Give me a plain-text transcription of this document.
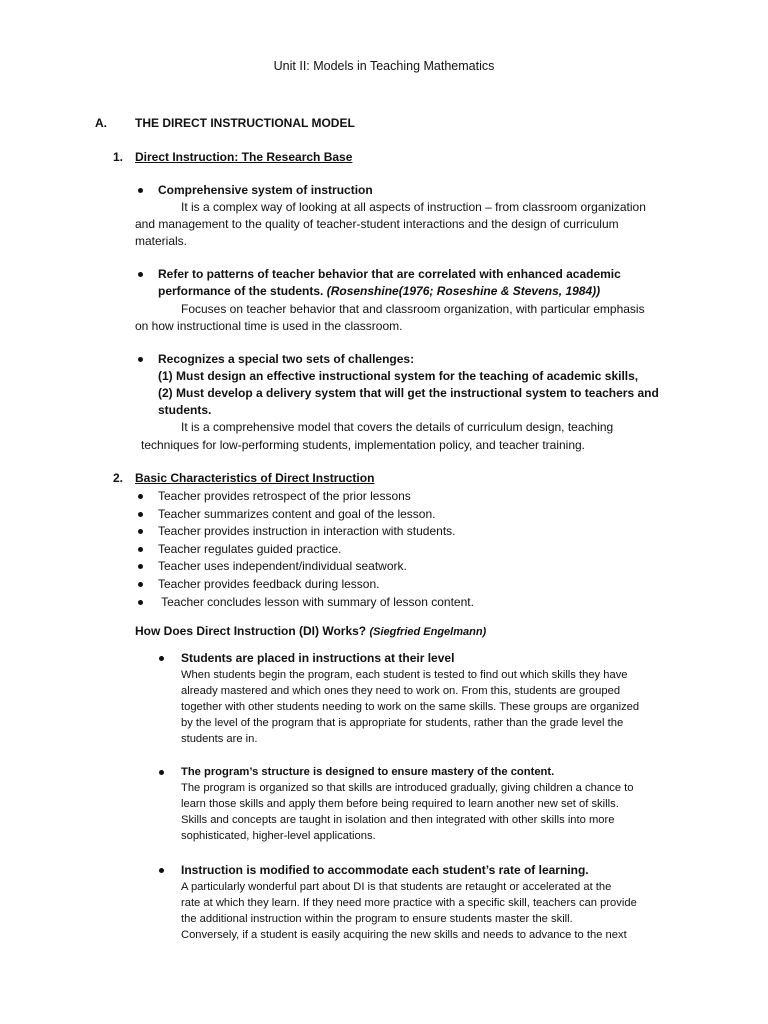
Unit II: Models in Teaching Mathematics
A. THE DIRECT INSTRUCTIONAL MODEL
1. Direct Instruction: The Research Base
Comprehensive system of instruction
It is a complex way of looking at all aspects of instruction – from classroom organization
and management to the quality of teacher-student interactions and the design of curriculum
materials.
Refer to patterns of teacher behavior that are correlated with enhanced academic
performance of the students. (Rosenshine(1976; Roseshine & Stevens, 1984))
Focuses on teacher behavior that and classroom organization, with particular emphasis
on how instructional time is used in the classroom.
Recognizes a special two sets of challenges:
(1) Must design an effective instructional system for the teaching of academic skills,
(2) Must develop a delivery system that will get the instructional system to teachers and
students.
It is a comprehensive model that covers the details of curriculum design, teaching
techniques for low-performing students, implementation policy, and teacher training.
2. Basic Characteristics of Direct Instruction
Teacher provides retrospect of the prior lessons
Teacher summarizes content and goal of the lesson.
Teacher provides instruction in interaction with students.
Teacher regulates guided practice.
Teacher uses independent/individual seatwork.
Teacher provides feedback during lesson.
Teacher concludes lesson with summary of lesson content.
How Does Direct Instruction (DI) Works? (Siegfried Engelmann)
Students are placed in instructions at their level
When students begin the program, each student is tested to find out which skills they have
already mastered and which ones they need to work on. From this, students are grouped
together with other students needing to work on the same skills. These groups are organized
by the level of the program that is appropriate for students, rather than the grade level the
students are in.
The program’s structure is designed to ensure mastery of the content.
The program is organized so that skills are introduced gradually, giving children a chance to
learn those skills and apply them before being required to learn another new set of skills.
Skills and concepts are taught in isolation and then integrated with other skills into more
sophisticated, higher-level applications.
Instruction is modified to accommodate each student’s rate of learning.
A particularly wonderful part about DI is that students are retaught or accelerated at the
rate at which they learn. If they need more practice with a specific skill, teachers can provide
the additional instruction within the program to ensure students master the skill.
Conversely, if a student is easily acquiring the new skills and needs to advance to the next
